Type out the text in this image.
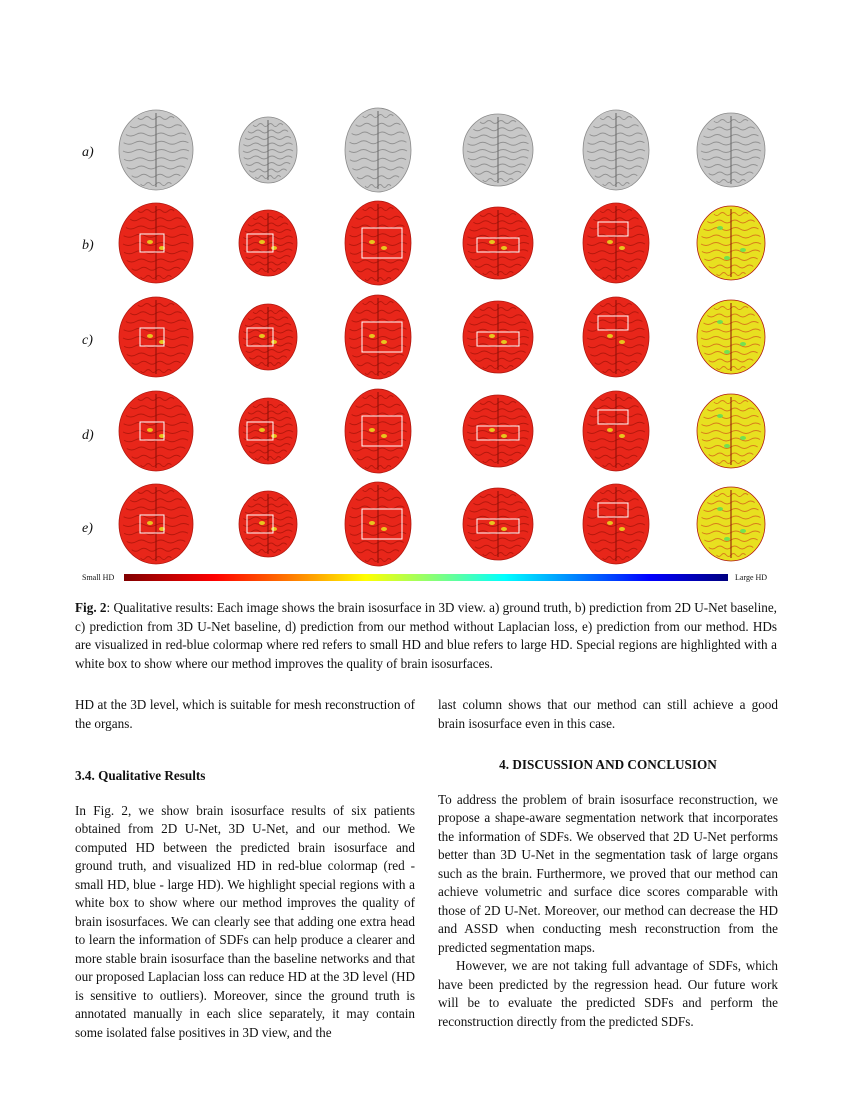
a)
b)
c)
d)
e)
Small HD	Large HD
Fig. 2: Qualitative results: Each image shows the brain isosurface in 3D view. a) ground truth, b) prediction from 2D U-Net baseline, c) prediction from 3D U-Net baseline, d) prediction from our method without Laplacian loss, e) prediction from our method. HDs are visualized in red-blue colormap where red refers to small HD and blue refers to large HD. Special regions are highlighted with a white box to show where our method improves the quality of brain isosurfaces.

HD at the 3D level, which is suitable for mesh reconstruction of the organs.

3.4. Qualitative Results

In Fig. 2, we show brain isosurface results of six patients obtained from 2D U-Net, 3D U-Net, and our method. We computed HD between the predicted brain isosurface and ground truth, and visualized HD in red-blue colormap (red - small HD, blue - large HD). We highlight special regions with a white box to show where our method improves the quality of brain isosurfaces. We can clearly see that adding one extra head to learn the information of SDFs can help produce a clearer and more stable brain isosurface than the baseline networks and that our proposed Laplacian loss can reduce HD at the 3D level (HD is sensitive to outliers). Moreover, since the ground truth is annotated manually in each slice separately, it may contain some isolated false positives in 3D view, and the

last column shows that our method can still achieve a good brain isosurface even in this case.

4. DISCUSSION AND CONCLUSION

To address the problem of brain isosurface reconstruction, we propose a shape-aware segmentation network that incorporates the information of SDFs. We observed that 2D U-Net performs better than 3D U-Net in the segmentation task of large organs such as the brain. Furthermore, we proved that our method can achieve volumetric and surface dice scores comparable with those of 2D U-Net. Moreover, our method can decrease the HD and ASSD when conducting mesh reconstruction from the predicted segmentation maps.

However, we are not taking full advantage of SDFs, which have been predicted by the regression head. Our future work will be to evaluate the predicted SDFs and perform the reconstruction directly from the predicted SDFs.
